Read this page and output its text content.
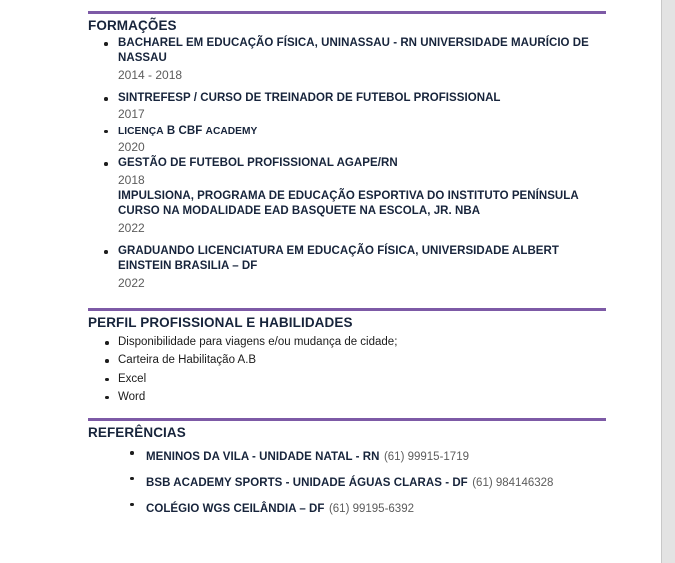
FORMAÇÕES
BACHAREL EM EDUCAÇÃO FÍSICA, UNINASSAU - RN UNIVERSIDADE MAURÍCIO DE NASSAU
2014 - 2018
SINTREFESP / CURSO DE TREINADOR DE FUTEBOL PROFISSIONAL
2017
LICENÇA B CBF ACADEMY
2020
GESTÃO DE FUTEBOL PROFISSIONAL AGAPE/RN
2018
IMPULSIONA, PROGRAMA DE EDUCAÇÃO ESPORTIVA DO INSTITUTO PENÍNSULA CURSO NA MODALIDADE EAD BASQUETE NA ESCOLA, JR. NBA
2022
GRADUANDO LICENCIATURA EM EDUCAÇÃO FÍSICA, UNIVERSIDADE ALBERT EINSTEIN BRASILIA – DF
2022
PERFIL PROFISSIONAL E HABILIDADES
Disponibilidade para viagens e/ou mudança de cidade;
Carteira de Habilitação A.B
Excel
Word
REFERÊNCIAS
MENINOS DA VILA - UNIDADE NATAL - RN (61) 99915-1719
BSB ACADEMY SPORTS - UNIDADE ÁGUAS CLARAS - DF (61) 984146328
COLÉGIO WGS CEILÂNDIA – DF (61) 99195-6392
